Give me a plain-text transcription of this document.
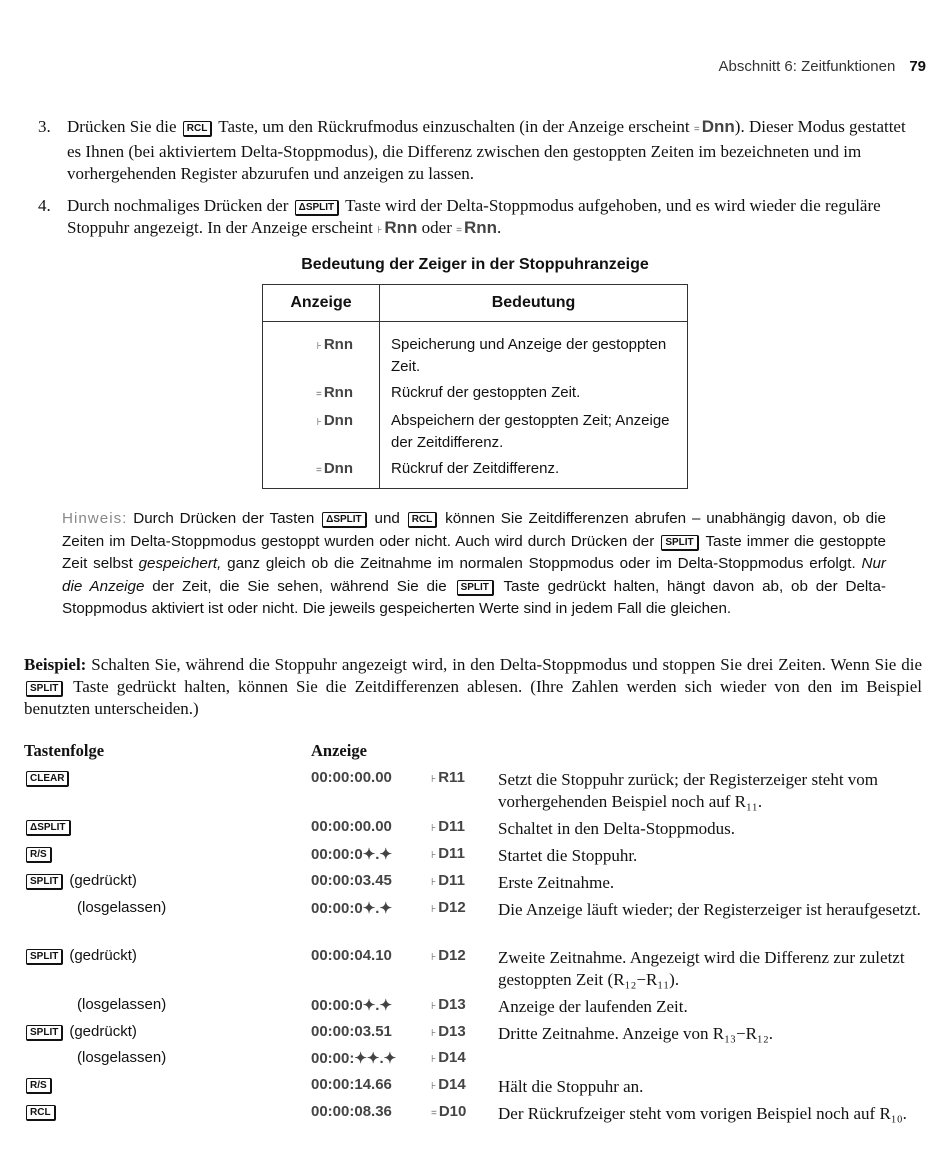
Abschnitt 6: Zeitfunktionen 79
3. Drücken Sie die RCL Taste, um den Rückrufmodus einzuschalten (in der Anzeige erscheint = Dnn). Dieser Modus gestattet es Ihnen (bei aktiviertem Delta-Stoppmodus), die Differenz zwischen den gestoppten Zeiten im bezeichneten und im vorhergehenden Register abzurufen und anzeigen zu lassen.
4. Durch nochmaliges Drücken der ΔSPLIT Taste wird der Delta-Stoppmodus aufgehoben, und es wird wieder die reguläre Stoppuhr angezeigt. In der Anzeige erscheint ⊦ Rnn oder = Rnn.
Bedeutung der Zeiger in der Stoppuhranzeige
Anzeige	Bedeutung
⊦ Rnn	Speicherung und Anzeige der gestoppten Zeit.
= Rnn	Rückruf der gestoppten Zeit.
⊦ Dnn	Abspeichern der gestoppten Zeit; Anzeige der Zeitdifferenz.
= Dnn	Rückruf der Zeitdifferenz.
Hinweis: Durch Drücken der Tasten ΔSPLIT und RCL können Sie Zeitdifferenzen abrufen – unabhängig davon, ob die Zeiten im Delta-Stoppmodus gestoppt wurden oder nicht. Auch wird durch Drücken der SPLIT Taste immer die gestoppte Zeit selbst gespeichert, ganz gleich ob die Zeitnahme im normalen Stoppmodus oder im Delta-Stoppmodus erfolgt. Nur die Anzeige der Zeit, die Sie sehen, während Sie die SPLIT Taste gedrückt halten, hängt davon ab, ob der Delta-Stoppmodus aktiviert ist oder nicht. Die jeweils gespeicherten Werte sind in jedem Fall die gleichen.
Beispiel: Schalten Sie, während die Stoppuhr angezeigt wird, in den Delta-Stoppmodus und stoppen Sie drei Zeiten. Wenn Sie die SPLIT Taste gedrückt halten, können Sie die Zeitdifferenzen ablesen. (Ihre Zahlen werden sich wieder von den im Beispiel benutzten unterscheiden.)
Tastenfolge	Anzeige
CLEAR	00:00:00.00	⊦ R11 Setzt die Stoppuhr zurück; der Registerzeiger steht vom vorhergehenden Beispiel noch auf R₁₁.
ΔSPLIT	00:00:00.00	⊦ D11 Schaltet in den Delta-Stoppmodus.
R/S	00:00:0✦.✦	⊦ D11 Startet die Stoppuhr.
SPLIT (gedrückt)	00:00:03.45	⊦ D11 Erste Zeitnahme.
(losgelassen)	00:00:0✦.✦	⊦ D12 Die Anzeige läuft wieder; der Registerzeiger ist heraufgesetzt.
SPLIT (gedrückt)	00:00:04.10	⊦ D12 Zweite Zeitnahme. Angezeigt wird die Differenz zur zuletzt gestoppten Zeit (R₁₂−R₁₁).
(losgelassen)	00:00:0✦.✦	⊦ D13 Anzeige der laufenden Zeit.
SPLIT (gedrückt)	00:00:03.51	⊦ D13 Dritte Zeitnahme. Anzeige von R₁₃−R₁₂.
(losgelassen)	00:00:✦✦.✦	⊦ D14
R/S	00:00:14.66	⊦ D14 Hält die Stoppuhr an.
RCL	00:00:08.36	= D10 Der Rückrufzeiger steht vom vorigen Beispiel noch auf R₁₀.
